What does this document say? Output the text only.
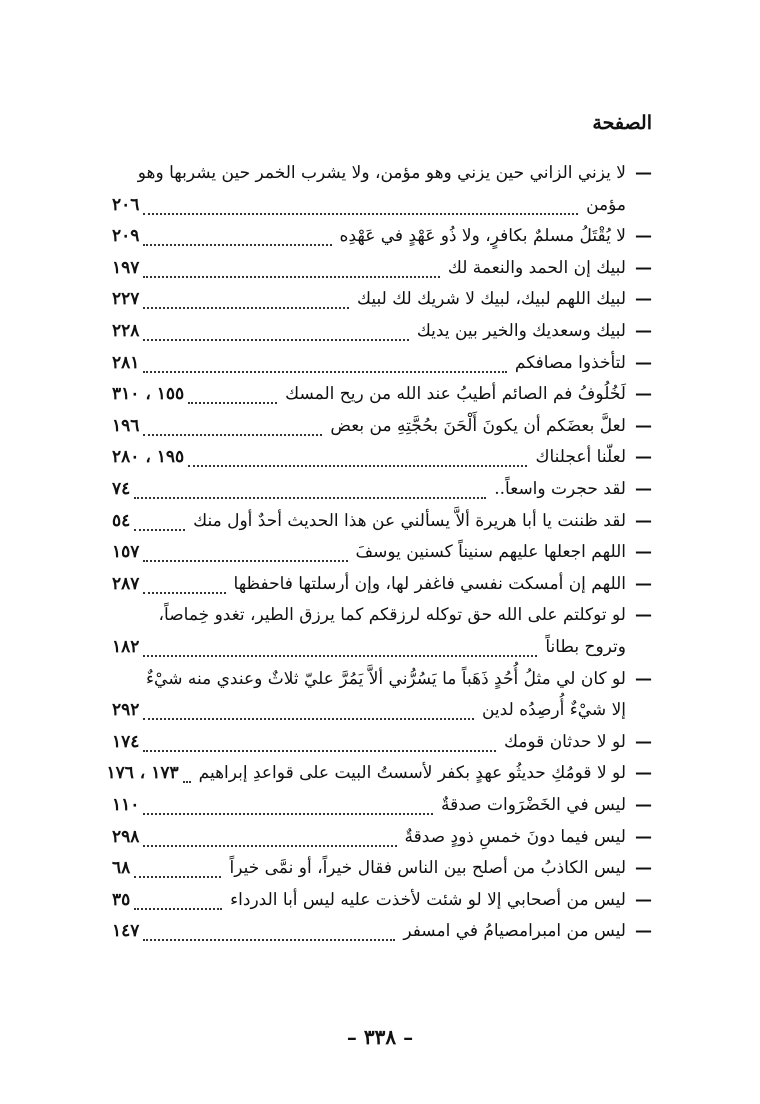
الصفحة
—
لا يزني الزاني حين يزني وهو مؤمن، ولا يشرب الخمر حين يشربها وهو
مؤمن
٢٠٦
—
لا يُقْتَلُ مسلمٌ بكافرٍ، ولا ذُو عَهْدٍ في عَهْدِه
٢٠٩
—
لبيك إن الحمد والنعمة لك
١٩٧
—
لبيك اللهم لبيك، لبيك لا شريك لك لبيك
٢٢٧
—
لبيك وسعديك والخير بين يديك
٢٢٨
—
لتأخذوا مصافكم
٢٨١
—
لَخُلُوفُ فم الصائم أطيبُ عند الله من ريح المسك
١٥٥ ، ٣١٠
—
لعلَّ بعضَكم أن يكونَ أَلْحَنَ بحُجَّتِهِ من بعض
١٩٦
—
لعلّنا أعجلناك
١٩٥ ، ٢٨٠
—
لقد حجرت واسعاً..
٧٤
—
لقد ظننت يا أبا هريرة ألاَّ يسألني عن هذا الحديث أحدٌ أول منك
٥٤
—
اللهم اجعلها عليهم سنيناً كسنين يوسفَ
١٥٧
—
اللهم إن أمسكت نفسي فاغفر لها، وإن أرسلتها فاحفظها
٢٨٧
—
لو توكلتم على الله حق توكله لرزقكم كما يرزق الطير، تغدو خِماصاً،
وتروح بطاناً
١٨٢
—
لو كان لي مثلُ أُحُدٍ ذَهَباً ما يَسُرُّني ألاَّ يَمُرَّ عليّ ثلاثٌ وعندي منه شيْءٌ
إلا شيْءٌ أُرصِدُه لدين
٢٩٢
—
لو لا حدثان قومك
١٧٤
—
لو لا قومُكِ حديثُو عهدٍ بكفر لأسستُ البيت على قواعدِ إبراهيم
١٧٣ ، ١٧٦
—
ليس في الخَضْرَوات صدقةٌ
١١٠
—
ليس فيما دونَ خمسِ ذودٍ صدقةٌ
٢٩٨
—
ليس الكاذبُ من أصلح بين الناس فقال خيراً، أو نمَّى خيراً
٦٨
—
ليس من أصحابي إلا لو شئت لأخذت عليه ليس أبا الدرداء
٣٥
—
ليس من امبرامصيامُ في امسفر
١٤٧
– ٣٣٨ –
